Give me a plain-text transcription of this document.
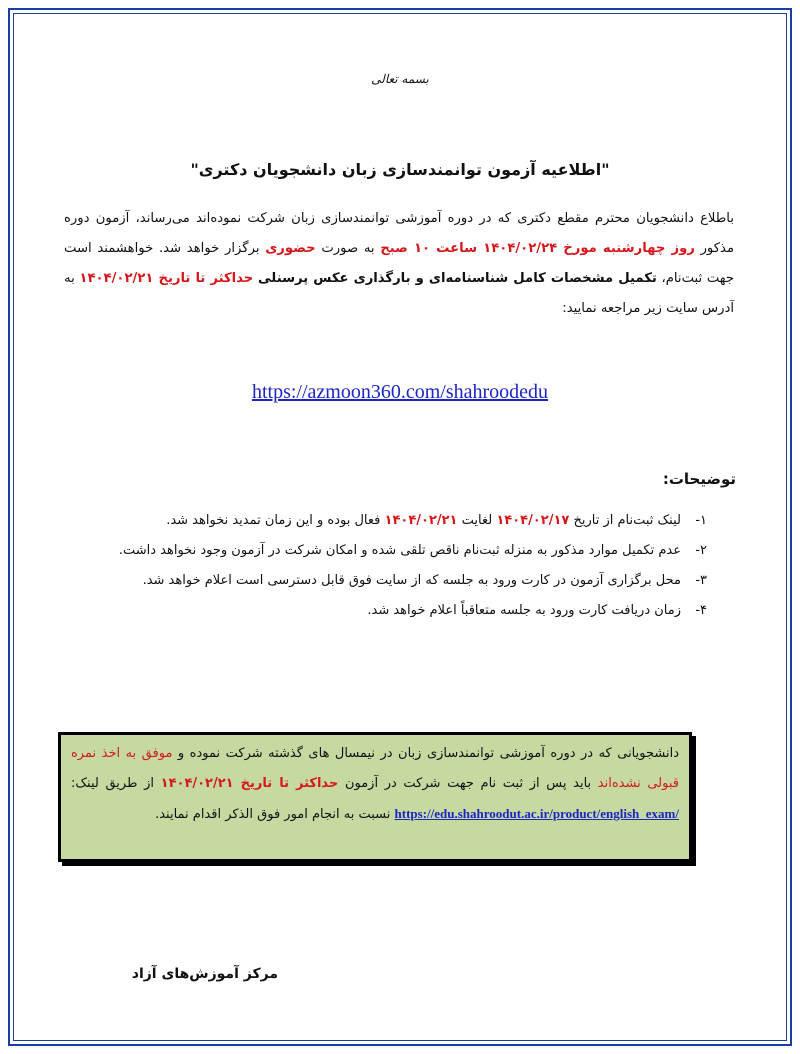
بسمه تعالی
"اطلاعیه آزمون توانمندسازی زبان دانشجویان دکتری"
باطلاع دانشجویان محترم مقطع دکتری که در دوره آموزشی توانمندسازی زبان شرکت نموده‌اند می‌رساند، آزمون دوره مذکور روز چهارشنبه مورخ ۱۴۰۴/۰۲/۲۴ ساعت ۱۰ صبح به صورت حضوری برگزار خواهد شد. خواهشمند است جهت ثبت‌نام، تکمیل مشخصات کامل شناسنامه‌ای و بارگذاری عکس پرسنلی حداکثر تا تاریخ ۱۴۰۴/۰۲/۲۱ به آدرس سایت زیر مراجعه نمایید:
https://azmoon360.com/shahroodedu
توضیحات:
۱-
لینک ثبت‌نام از تاریخ ۱۴۰۴/۰۲/۱۷ لغایت ۱۴۰۴/۰۲/۲۱ فعال بوده و این زمان تمدید نخواهد شد.
۲-
عدم تکمیل موارد مذکور به منزله ثبت‌نام ناقص تلقی شده و امکان شرکت در آزمون وجود نخواهد داشت.
۳-
محل برگزاری آزمون در کارت ورود به جلسه که از سایت فوق قابل دسترسی است اعلام خواهد شد.
۴-
زمان دریافت کارت ورود به جلسه متعاقباً اعلام خواهد شد.
دانشجویانی که در دوره آموزشی توانمندسازی زبان در نیمسال های گذشته شرکت نموده و موفق به اخذ نمره قبولی نشده‌اند باید پس از ثبت نام جهت شرکت در آزمون حداکثر تا تاریخ ۱۴۰۴/۰۲/۲۱ از طریق لینک: https://edu.shahroodut.ac.ir/product/english_exam/ نسبت به انجام امور فوق الذکر اقدام نمایند.
مرکز آموزش‌های آزاد
